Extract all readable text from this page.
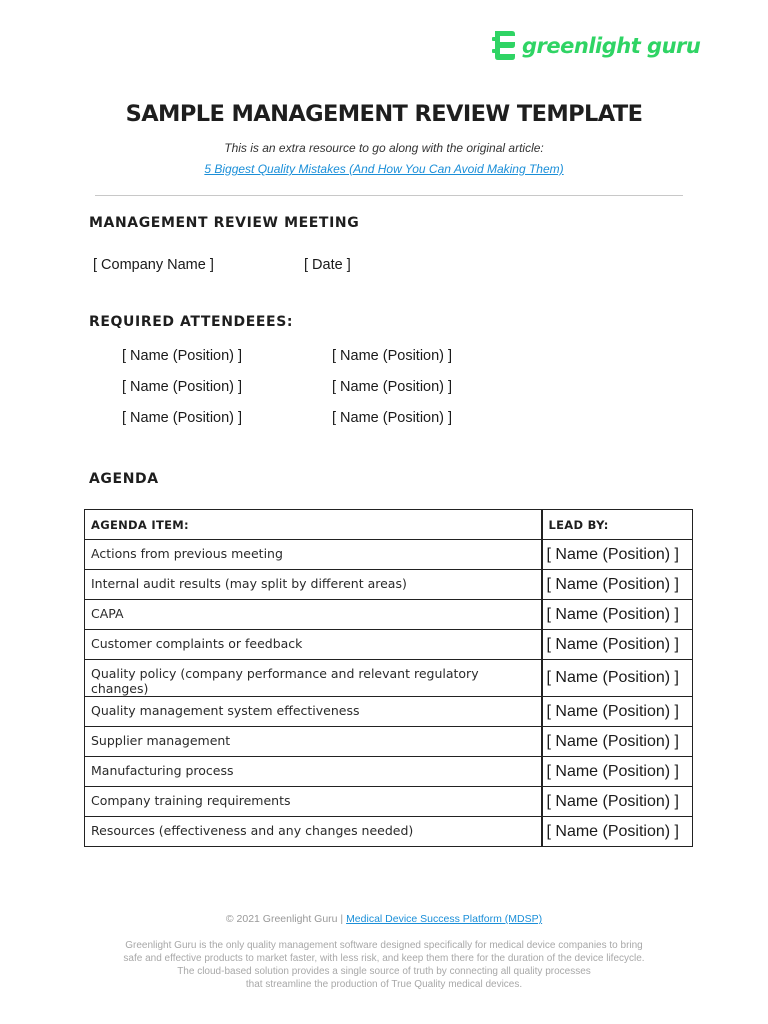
greenlight guru
SAMPLE MANAGEMENT REVIEW TEMPLATE
This is an extra resource to go along with the original article:
5 Biggest Quality Mistakes (And How You Can Avoid Making Them)
MANAGEMENT REVIEW MEETING
[ Company Name ]	[ Date ]
REQUIRED ATTENDEEES:
[ Name (Position) ]	[ Name (Position) ]
[ Name (Position) ]	[ Name (Position) ]
[ Name (Position) ]	[ Name (Position) ]
AGENDA
AGENDA ITEM:	LEAD BY:
Actions from previous meeting	[ Name (Position) ]
Internal audit results (may split by different areas)	[ Name (Position) ]
CAPA	[ Name (Position) ]
Customer complaints or feedback	[ Name (Position) ]
Quality policy (company performance and relevant regulatory changes)	[ Name (Position) ]
Quality management system effectiveness	[ Name (Position) ]
Supplier management	[ Name (Position) ]
Manufacturing process	[ Name (Position) ]
Company training requirements	[ Name (Position) ]
Resources (effectiveness and any changes needed)	[ Name (Position) ]
© 2021 Greenlight Guru | Medical Device Success Platform (MDSP)
Greenlight Guru is the only quality management software designed specifically for medical device companies to bring
safe and effective products to market faster, with less risk, and keep them there for the duration of the device lifecycle.
The cloud-based solution provides a single source of truth by connecting all quality processes
that streamline the production of True Quality medical devices.
